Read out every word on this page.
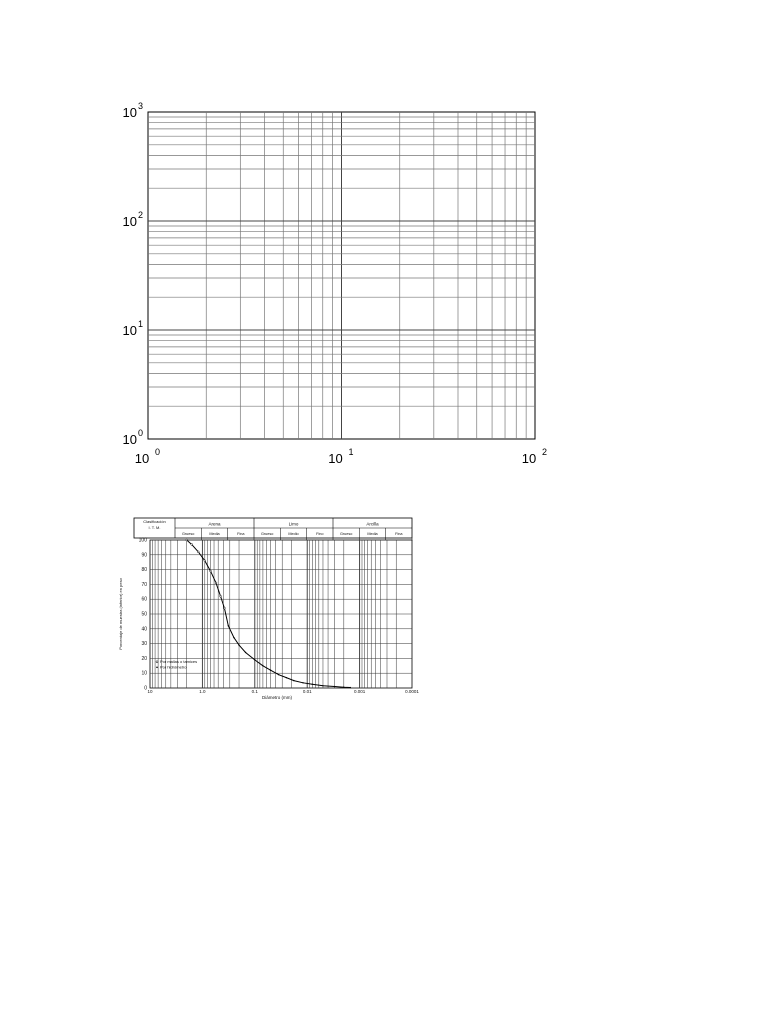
10 0	10 1	10 2
10 0
10 1
10 2
10 3
Clasificación
I. T. M.
Arena
Grueso	Media	Fina
Limo
Grueso	Medio	Fino
Arcilla
Grueso	Media	Fina
0
10
20
30
40
50
60
70
80
90
100
10	1.0	0.1	0.01	0.001	0.0001
Porcentaje de muestra (inferior) en peso
Diámetro (mm)
Por mallas o tamices
Por hidrómetro
